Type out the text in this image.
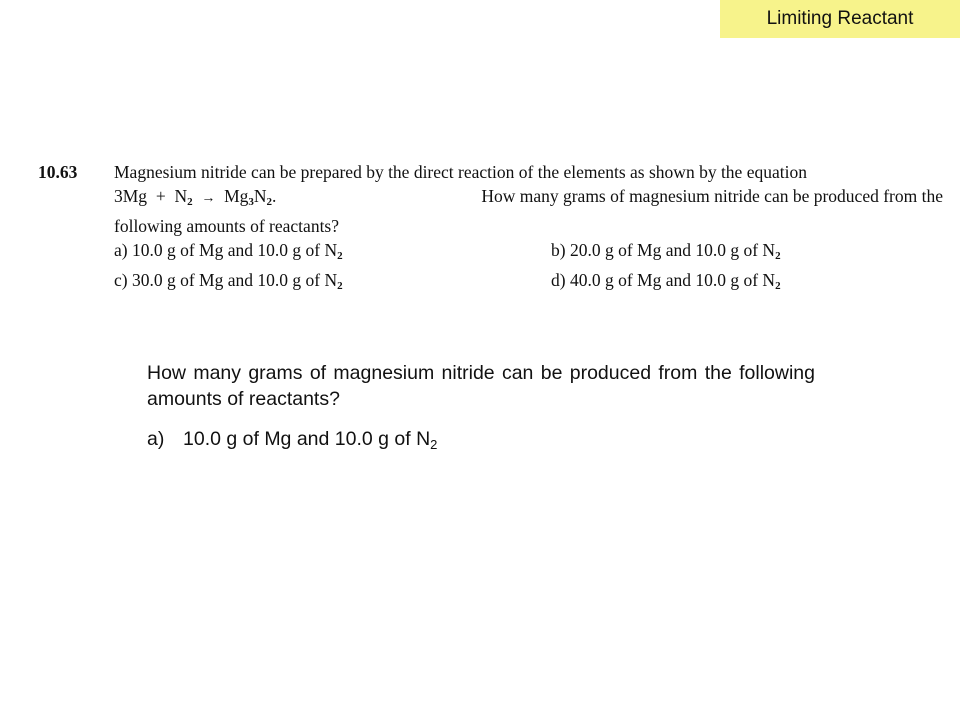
Limiting Reactant
10.63	Magnesium nitride can be prepared by the direct reaction of the elements as shown by the equation
$3Mg + N_2 \to Mg_3N_2$.	How many grams of magnesium nitride can be produced from the
following amounts of reactants?
a) 10.0 g of Mg and 10.0 g of $N_2$	b) 20.0 g of Mg and 10.0 g of $N_2$
c) 30.0 g of Mg and 10.0 g of $N_2$	d) 40.0 g of Mg and 10.0 g of $N_2$
How many grams of magnesium nitride can be produced from the following amounts of reactants?
a) 10.0 g of Mg and 10.0 g of $N_2$
